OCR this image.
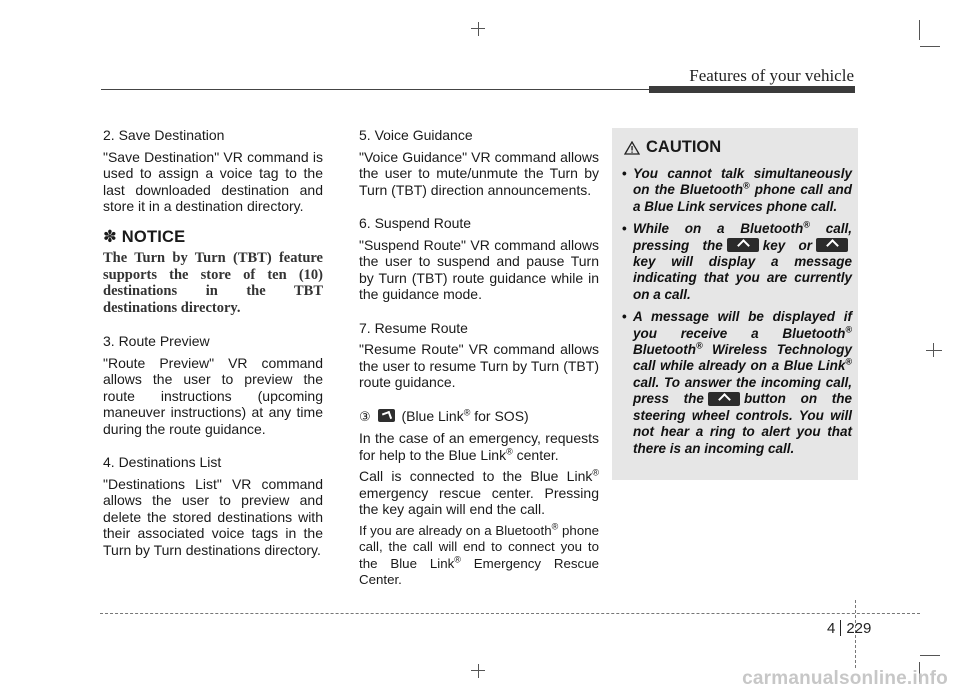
Features of your vehicle

2. Save Destination

"Save Destination" VR command is used to assign a voice tag to the last downloaded destination and store it in a destination directory.

✽ NOTICE

The Turn by Turn (TBT) feature supports the store of ten (10) destinations in the TBT destinations directory.

3. Route Preview

"Route Preview" VR command allows the user to preview the route instructions (upcoming maneuver instructions) at any time during the route guidance.

4. Destinations List

"Destinations List" VR command allows the user to preview and delete the stored destinations with their associated voice tags in the Turn by Turn destinations directory.

5. Voice Guidance

"Voice Guidance" VR command allows the user to mute/unmute the Turn by Turn (TBT) direction announcements.

6. Suspend Route

"Suspend Route" VR command allows the user to suspend and pause Turn by Turn (TBT) route guidance while in the guidance mode.

7. Resume Route

"Resume Route" VR command allows the user to resume Turn by Turn (TBT) route guidance.

③ (Blue Link® for SOS)

In the case of an emergency, requests for help to the Blue Link® center.

Call is connected to the Blue Link® emergency rescue center. Pressing the key again will end the call.

If you are already on a Bluetooth® phone call, the call will end to connect you to the Blue Link® Emergency Rescue Center.

CAUTION
• You cannot talk simultaneously on the Bluetooth® phone call and a Blue Link services phone call.
• While on a Bluetooth® call, pressing the	key orkey will display a message indicating that you are currently on a call.
• A message will be displayed if you receive a Bluetooth® Bluetooth® Wireless Technology call while already on a Blue Link® call. To answer the incoming call, press the	button on the steering wheel controls. You will not hear a ring to alert you that there is an incoming call.
4 229
carmanualsonline.info
